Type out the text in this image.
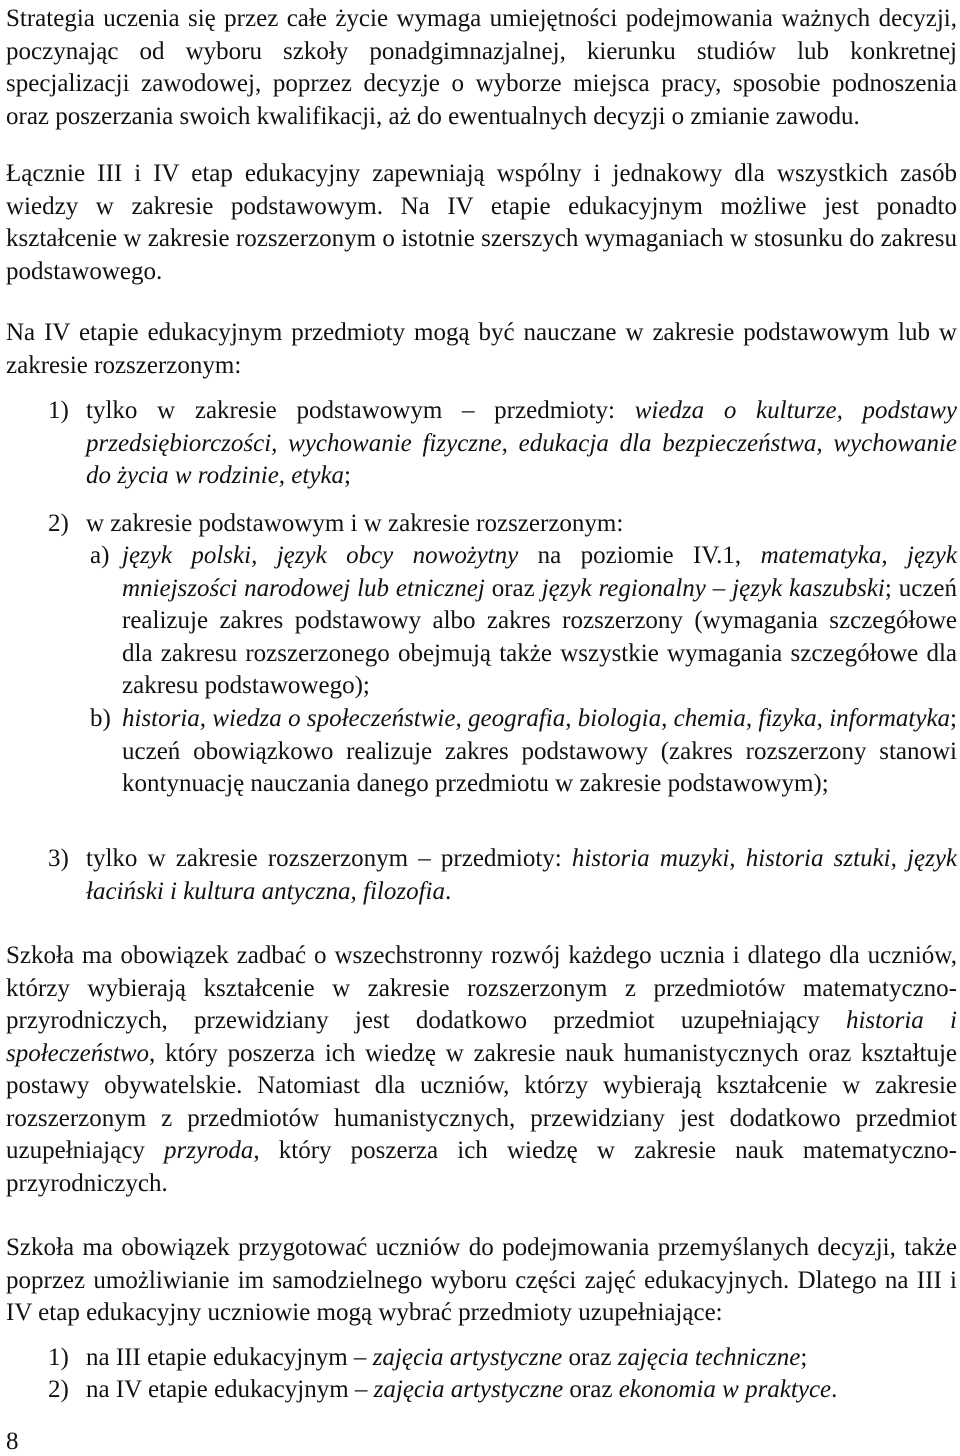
Strategia uczenia się przez całe życie wymaga umiejętności podejmowania ważnych decyzji, poczynając od wyboru szkoły ponadgimnazjalnej, kierunku studiów lub konkretnej specjalizacji zawodowej, poprzez decyzje o wyborze miejsca pracy, sposobie podnoszenia oraz poszerzania swoich kwalifikacji, aż do ewentualnych decyzji o zmianie zawodu.

Łącznie III i IV etap edukacyjny zapewniają wspólny i jednakowy dla wszystkich zasób wiedzy w zakresie podstawowym. Na IV etapie edukacyjnym możliwe jest ponadto kształcenie w zakresie rozszerzonym o istotnie szerszych wymaganiach w stosunku do zakresu podstawowego.

Na IV etapie edukacyjnym przedmioty mogą być nauczane w zakresie podstawowym lub w zakresie rozszerzonym:

1) tylko w zakresie podstawowym – przedmioty: wiedza o kulturze, podstawy przedsiębiorczości, wychowanie fizyczne, edukacja dla bezpieczeństwa, wychowanie do życia w rodzinie, etyka;
2) w zakresie podstawowym i w zakresie rozszerzonym:
a) język polski, język obcy nowożytny na poziomie IV.1, matematyka, język mniejszości narodowej lub etnicznej oraz język regionalny – język kaszubski; uczeń realizuje zakres podstawowy albo zakres rozszerzony (wymagania szczegółowe dla zakresu rozszerzonego obejmują także wszystkie wymagania szczegółowe dla zakresu podstawowego);
b) historia, wiedza o społeczeństwie, geografia, biologia, chemia, fizyka, informatyka; uczeń obowiązkowo realizuje zakres podstawowy (zakres rozszerzony stanowi kontynuację nauczania danego przedmiotu w zakresie podstawowym);
3) tylko w zakresie rozszerzonym – przedmioty: historia muzyki, historia sztuki, język łaciński i kultura antyczna, filozofia.

Szkoła ma obowiązek zadbać o wszechstronny rozwój każdego ucznia i dlatego dla uczniów, którzy wybierają kształcenie w zakresie rozszerzonym z przedmiotów matematyczno-przyrodniczych, przewidziany jest dodatkowo przedmiot uzupełniający historia i społeczeństwo, który poszerza ich wiedzę w zakresie nauk humanistycznych oraz kształtuje postawy obywatelskie. Natomiast dla uczniów, którzy wybierają kształcenie w zakresie rozszerzonym z przedmiotów humanistycznych, przewidziany jest dodatkowo przedmiot uzupełniający przyroda, który poszerza ich wiedzę w zakresie nauk matematyczno-przyrodniczych.

Szkoła ma obowiązek przygotować uczniów do podejmowania przemyślanych decyzji, także poprzez umożliwianie im samodzielnego wyboru części zajęć edukacyjnych. Dlatego na III i IV etap edukacyjny uczniowie mogą wybrać przedmioty uzupełniające:

1) na III etapie edukacyjnym – zajęcia artystyczne oraz zajęcia techniczne;
2) na IV etapie edukacyjnym – zajęcia artystyczne oraz ekonomia w praktyce.
8
